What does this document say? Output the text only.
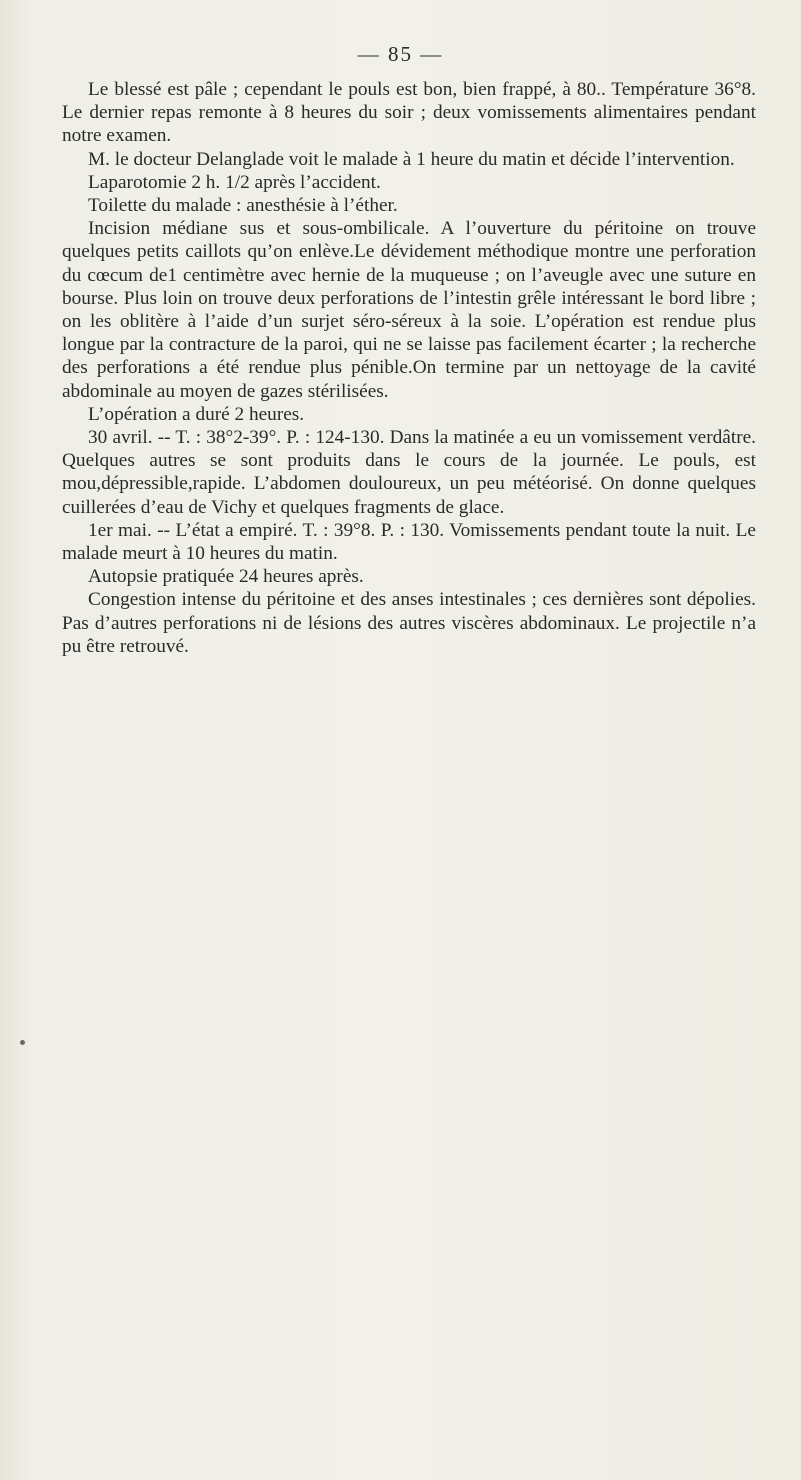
— 85 —

Le blessé est pâle ; cependant le pouls est bon, bien frappé, à 80.. Température 36°8. Le dernier repas remonte à 8 heures du soir ; deux vomissements alimentaires pendant notre examen.

M. le docteur Delanglade voit le malade à 1 heure du matin et décide l’intervention.

Laparotomie 2 h. 1/2 après l’accident.

Toilette du malade : anesthésie à l’éther.

Incision médiane sus et sous-ombilicale. A l’ouverture du péritoine on trouve quelques petits caillots qu’on enlève.Le dévidement méthodique montre une perforation du cœcum de1 centimètre avec hernie de la muqueuse ; on l’aveugle avec une suture en bourse. Plus loin on trouve deux perforations de l’intestin grêle intéressant le bord libre ; on les oblitère à l’aide d’un surjet séro-séreux à la soie. L’opération est rendue plus longue par la contracture de la paroi, qui ne se laisse pas facilement écarter ; la recherche des perforations a été rendue plus pénible.On termine par un nettoyage de la cavité abdominale au moyen de gazes stérilisées.

L’opération a duré 2 heures.

30 avril. -- T. : 38°2-39°. P. : 124-130. Dans la matinée a eu un vomissement verdâtre. Quelques autres se sont produits dans le cours de la journée. Le pouls, est mou,dépressible,rapide. L’abdomen douloureux, un peu météorisé. On donne quelques cuillerées d’eau de Vichy et quelques fragments de glace.

1er mai. -- L’état a empiré. T. : 39°8. P. : 130. Vomissements pendant toute la nuit. Le malade meurt à 10 heures du matin.

Autopsie pratiquée 24 heures après.

Congestion intense du péritoine et des anses intestinales ; ces dernières sont dépolies. Pas d’autres perforations ni de lésions des autres viscères abdominaux. Le projectile n’a pu être retrouvé.
